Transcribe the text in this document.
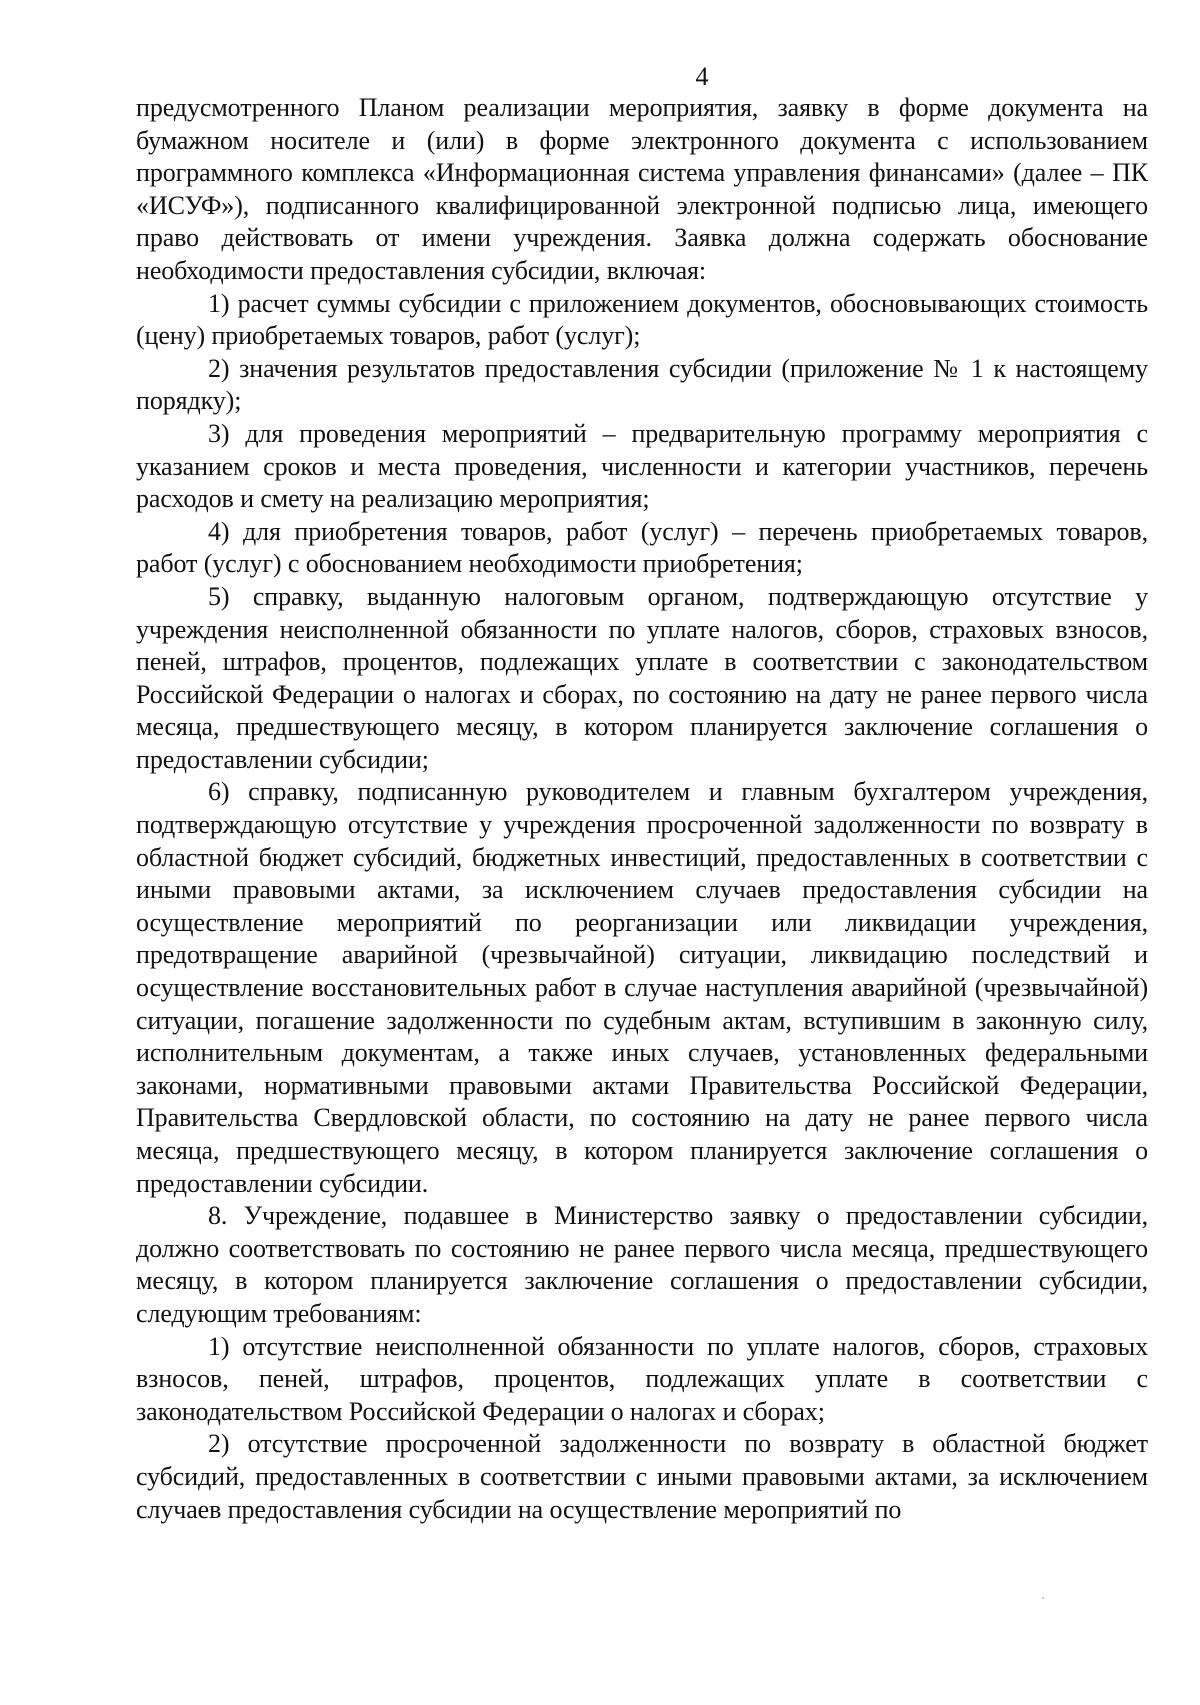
4

предусмотренного Планом реализации мероприятия, заявку в форме документа на бумажном носителе и (или) в форме электронного документа с использованием программного комплекса «Информационная система управления финансами» (далее – ПК «ИСУФ»), подписанного квалифицированной электронной подписью лица, имеющего право действовать от имени учреждения. Заявка должна содержать обоснование необходимости предоставления субсидии, включая:

1) расчет суммы субсидии с приложением документов, обосновывающих стоимость (цену) приобретаемых товаров, работ (услуг);

2) значения результатов предоставления субсидии (приложение № 1 к настоящему порядку);

3) для проведения мероприятий – предварительную программу мероприятия с указанием сроков и места проведения, численности и категории участников, перечень расходов и смету на реализацию мероприятия;

4) для приобретения товаров, работ (услуг) – перечень приобретаемых товаров, работ (услуг) с обоснованием необходимости приобретения;

5) справку, выданную налоговым органом, подтверждающую отсутствие у учреждения неисполненной обязанности по уплате налогов, сборов, страховых взносов, пеней, штрафов, процентов, подлежащих уплате в соответствии с законодательством Российской Федерации о налогах и сборах, по состоянию на дату не ранее первого числа месяца, предшествующего месяцу, в котором планируется заключение соглашения о предоставлении субсидии;

6) справку, подписанную руководителем и главным бухгалтером учреждения, подтверждающую отсутствие у учреждения просроченной задолженности по возврату в областной бюджет субсидий, бюджетных инвестиций, предоставленных в соответствии с иными правовыми актами, за исключением случаев предоставления субсидии на осуществление мероприятий по реорганизации или ликвидации учреждения, предотвращение аварийной (чрезвычайной) ситуации, ликвидацию последствий и осуществление восстановительных работ в случае наступления аварийной (чрезвычайной) ситуации, погашение задолженности по судебным актам, вступившим в законную силу, исполнительным документам, а также иных случаев, установленных федеральными законами, нормативными правовыми актами Правительства Российской Федерации, Правительства Свердловской области, по состоянию на дату не ранее первого числа месяца, предшествующего месяцу, в котором планируется заключение соглашения о предоставлении субсидии.

8. Учреждение, подавшее в Министерство заявку о предоставлении субсидии, должно соответствовать по состоянию не ранее первого числа месяца, предшествующего месяцу, в котором планируется заключение соглашения о предоставлении субсидии, следующим требованиям:

1) отсутствие неисполненной обязанности по уплате налогов, сборов, страховых взносов, пеней, штрафов, процентов, подлежащих уплате в соответствии с законодательством Российской Федерации о налогах и сборах;

2) отсутствие просроченной задолженности по возврату в областной бюджет субсидий, предоставленных в соответствии с иными правовыми актами, за исключением случаев предоставления субсидии на осуществление мероприятий по
